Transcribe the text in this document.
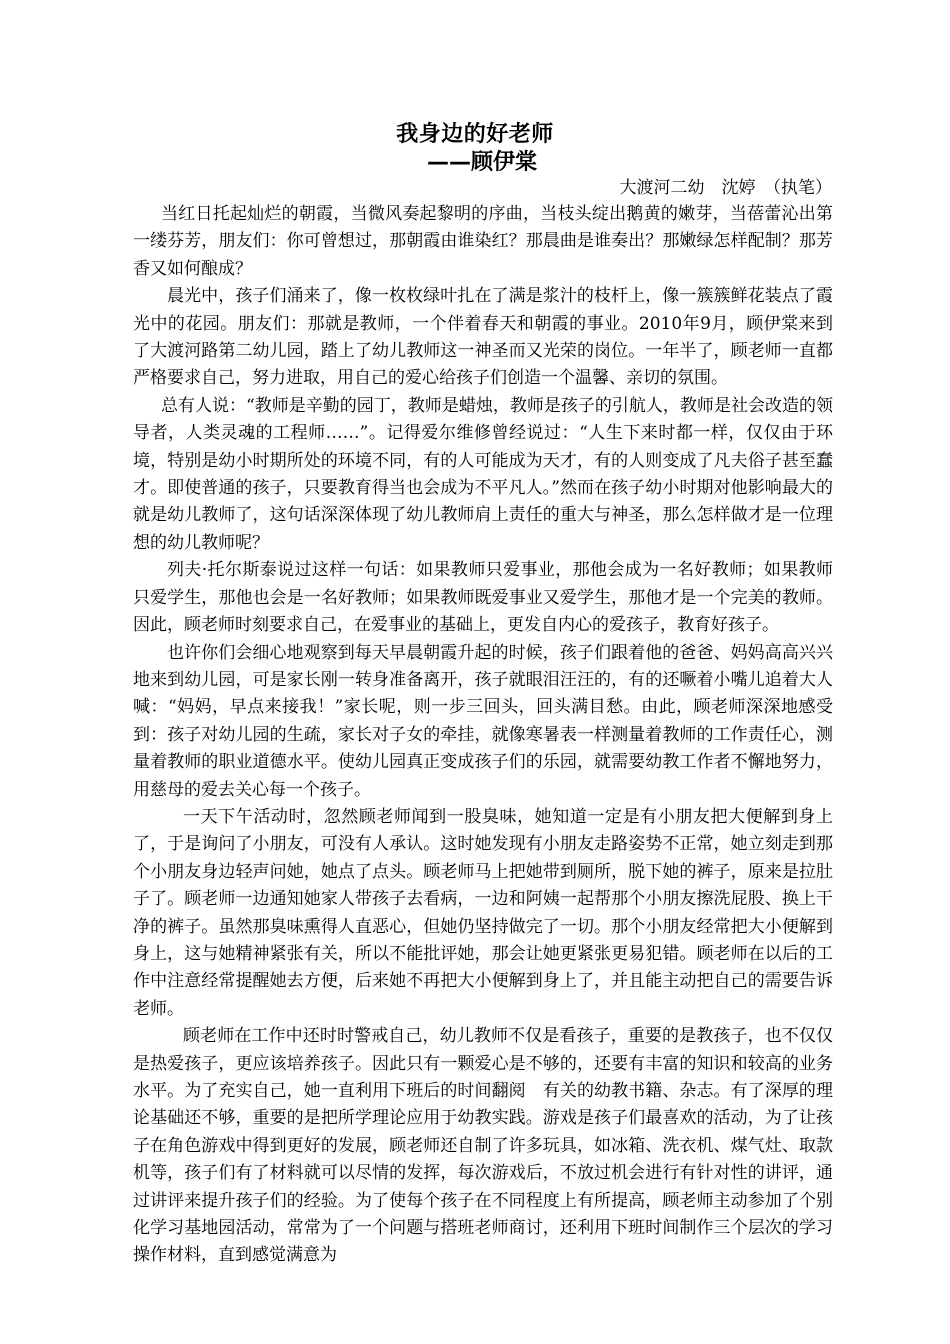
我身边的好老师

——顾伊棠

大渡河二幼　沈婷　（执笔）

当红日托起灿烂的朝霞，当微风奏起黎明的序曲，当枝头绽出鹅黄的嫩芽，当蓓蕾沁出第一缕芬芳，朋友们：你可曾想过，那朝霞由谁染红？那晨曲是谁奏出？那嫩绿怎样配制？那芳香又如何酿成？

晨光中，孩子们涌来了，像一枚枚绿叶扎在了满是浆汁的枝杆上，像一簇簇鲜花装点了霞光中的花园。朋友们：那就是教师，一个伴着春天和朝霞的事业。2010年9月，顾伊棠来到了大渡河路第二幼儿园，踏上了幼儿教师这一神圣而又光荣的岗位。一年半了，顾老师一直都严格要求自己，努力进取，用自己的爱心给孩子们创造一个温馨、亲切的氛围。

总有人说：“教师是辛勤的园丁，教师是蜡烛，教师是孩子的引航人，教师是社会改造的领导者，人类灵魂的工程师……”。记得爱尔维修曾经说过：“人生下来时都一样，仅仅由于环境，特别是幼小时期所处的环境不同，有的人可能成为天才，有的人则变成了凡夫俗子甚至蠢才。即使普通的孩子，只要教育得当也会成为不平凡人。”然而在孩子幼小时期对他影响最大的就是幼儿教师了，这句话深深体现了幼儿教师肩上责任的重大与神圣，那么怎样做才是一位理想的幼儿教师呢？

列夫·托尔斯泰说过这样一句话：如果教师只爱事业，那他会成为一名好教师；如果教师只爱学生，那他也会是一名好教师；如果教师既爱事业又爱学生，那他才是一个完美的教师。因此，顾老师时刻要求自己，在爱事业的基础上，更发自内心的爱孩子，教育好孩子。

也许你们会细心地观察到每天早晨朝霞升起的时候，孩子们跟着他的爸爸、妈妈高高兴兴地来到幼儿园，可是家长刚一转身准备离开，孩子就眼泪汪汪的，有的还噘着小嘴儿追着大人喊：“妈妈，早点来接我！”家长呢，则一步三回头，回头满目愁。由此，顾老师深深地感受到：孩子对幼儿园的生疏，家长对子女的牵挂，就像寒暑表一样测量着教师的工作责任心，测量着教师的职业道德水平。使幼儿园真正变成孩子们的乐园，就需要幼教工作者不懈地努力，用慈母的爱去关心每一个孩子。

一天下午活动时，忽然顾老师闻到一股臭味，她知道一定是有小朋友把大便解到身上了，于是询问了小朋友，可没有人承认。这时她发现有小朋友走路姿势不正常，她立刻走到那个小朋友身边轻声问她，她点了点头。顾老师马上把她带到厕所，脱下她的裤子，原来是拉肚子了。顾老师一边通知她家人带孩子去看病，一边和阿姨一起帮那个小朋友擦洗屁股、换上干净的裤子。虽然那臭味熏得人直恶心，但她仍坚持做完了一切。那个小朋友经常把大小便解到身上，这与她精神紧张有关，所以不能批评她，那会让她更紧张更易犯错。顾老师在以后的工作中注意经常提醒她去方便，后来她不再把大小便解到身上了，并且能主动把自己的需要告诉老师。

顾老师在工作中还时时警戒自己，幼儿教师不仅是看孩子，重要的是教孩子，也不仅仅是热爱孩子，更应该培养孩子。因此只有一颗爱心是不够的，还要有丰富的知识和较高的业务水平。为了充实自己，她一直利用下班后的时间翻阅　有关的幼教书籍、杂志。有了深厚的理论基础还不够，重要的是把所学理论应用于幼教实践。游戏是孩子们最喜欢的活动，为了让孩子在角色游戏中得到更好的发展，顾老师还自制了许多玩具，如冰箱、洗衣机、煤气灶、取款机等，孩子们有了材料就可以尽情的发挥，每次游戏后，不放过机会进行有针对性的讲评，通过讲评来提升孩子们的经验。为了使每个孩子在不同程度上有所提高，顾老师主动参加了个别化学习基地园活动，常常为了一个问题与搭班老师商讨，还利用下班时间制作三个层次的学习操作材料，直到感觉满意为
